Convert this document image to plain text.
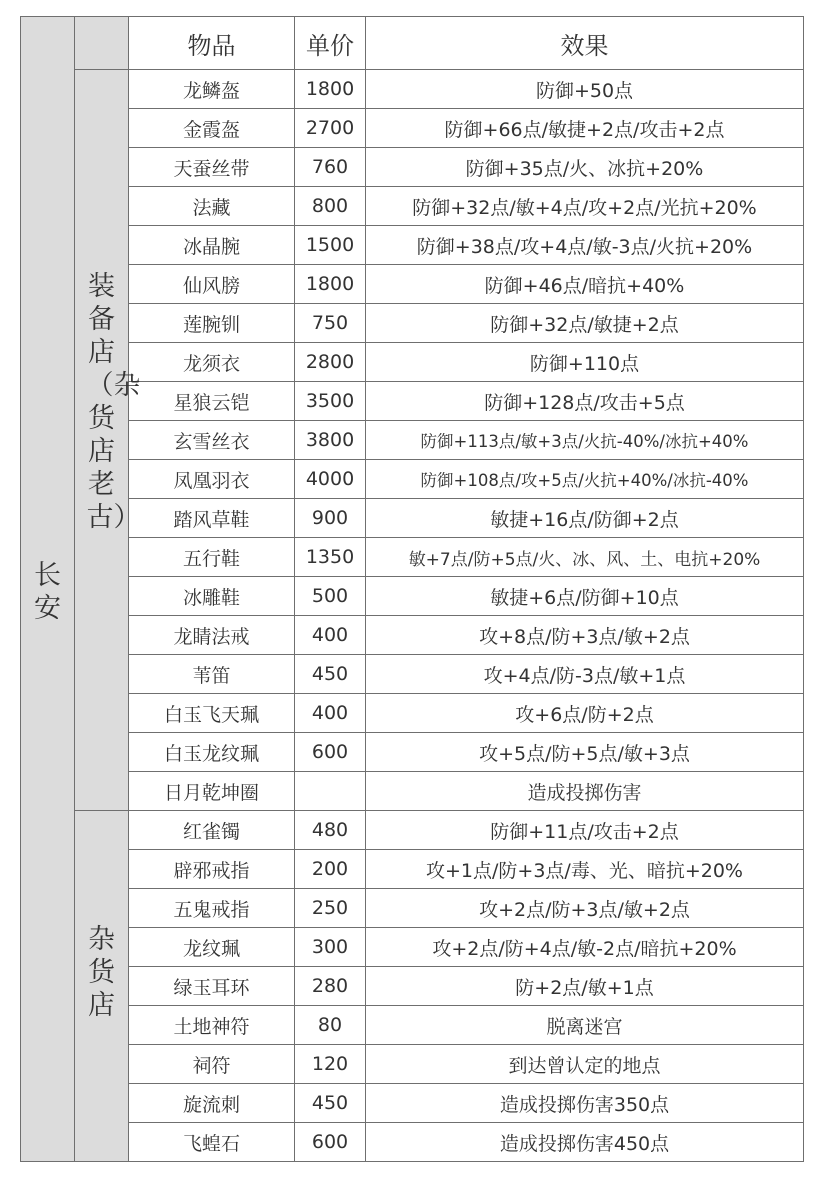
长安		物品	单价	效果
	装备店（杂货店老古）	龙鳞盔	1800	防御+50点
		金霞盔	2700	防御+66点/敏捷+2点/攻击+2点
		天蚕丝带	760	防御+35点/火、冰抗+20%
		法藏	800	防御+32点/敏+4点/攻+2点/光抗+20%
		冰晶腕	1500	防御+38点/攻+4点/敏-3点/火抗+20%
		仙风膀	1800	防御+46点/暗抗+40%
		莲腕钏	750	防御+32点/敏捷+2点
		龙须衣	2800	防御+110点
		星狼云铠	3500	防御+128点/攻击+5点
		玄雪丝衣	3800	防御+113点/敏+3点/火抗-40%/冰抗+40%
		凤凰羽衣	4000	防御+108点/攻+5点/火抗+40%/冰抗-40%
		踏风草鞋	900	敏捷+16点/防御+2点
		五行鞋	1350	敏+7点/防+5点/火、冰、风、土、电抗+20%
		冰雕鞋	500	敏捷+6点/防御+10点
		龙睛法戒	400	攻+8点/防+3点/敏+2点
		苇笛	450	攻+4点/防-3点/敏+1点
		白玉飞天珮	400	攻+6点/防+2点
		白玉龙纹珮	600	攻+5点/防+5点/敏+3点
		日月乾坤圈		造成投掷伤害
	杂货店	红雀镯	480	防御+11点/攻击+2点
		辟邪戒指	200	攻+1点/防+3点/毒、光、暗抗+20%
		五鬼戒指	250	攻+2点/防+3点/敏+2点
		龙纹珮	300	攻+2点/防+4点/敏-2点/暗抗+20%
		绿玉耳环	280	防+2点/敏+1点
		土地神符	80	脱离迷宫
		祠符	120	到达曾认定的地点
		旋流刺	450	造成投掷伤害350点
		飞蝗石	600	造成投掷伤害450点
